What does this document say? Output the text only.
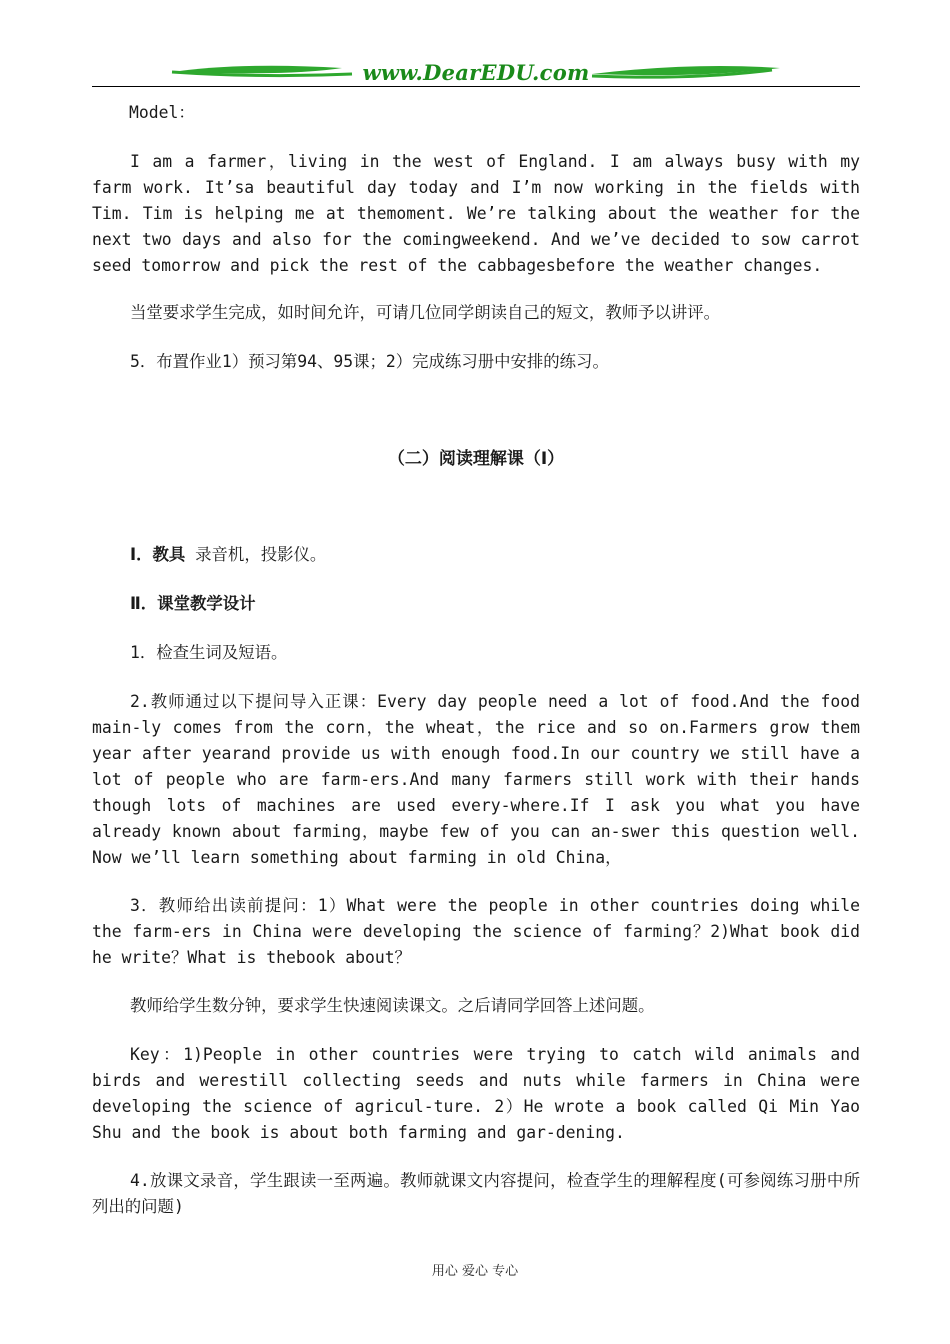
www.DearEDU.com

Model：

I am a farmer，living in the west of England. I am always busy with my farm work. It’sa beautiful day today and I’m now working in the fields with Tim. Tim is helping me at themoment. We’re talking about the weather for the next two days and also for the comingweekend. And we’ve decided to sow carrot seed tomorrow and pick the rest of the cabbagesbefore the weather changes.

当堂要求学生完成，如时间允许，可请几位同学朗读自己的短文，教师予以讲评。

5．布置作业1）预习第94、95课；2）完成练习册中安排的练习。

（二）阅读理解课（Ⅰ）

Ⅰ．教具 录音机，投影仪。

Ⅱ．课堂教学设计

1．检查生词及短语。

2.教师通过以下提问导入正课：Every day people need a lot of food.And the food main-ly comes from the corn，the wheat，the rice and so on.Farmers grow them year after yearand provide us with enough food.In our country we still have a lot of people who are farm-ers.And many farmers still work with their hands though lots of machines are used every-where.If I ask you what you have already known about farming，maybe few of you can an-swer this question well. Now we’ll learn something about farming in old China，

3．教师给出读前提问：1）What were the people in other countries doing while the farm-ers in China were developing the science of farming？2)What book did he write？What is thebook about？

教师给学生数分钟，要求学生快速阅读课文。之后请同学回答上述问题。

Key：1)People in other countries were trying to catch wild animals and birds and werestill collecting seeds and nuts while farmers in China were developing the science of agricul-ture. 2）He wrote a book called Qi Min Yao Shu and the book is about both farming and gar-dening.

4.放课文录音，学生跟读一至两遍。教师就课文内容提问，检查学生的理解程度(可参阅练习册中所列出的问题)

用心 爱心 专心
